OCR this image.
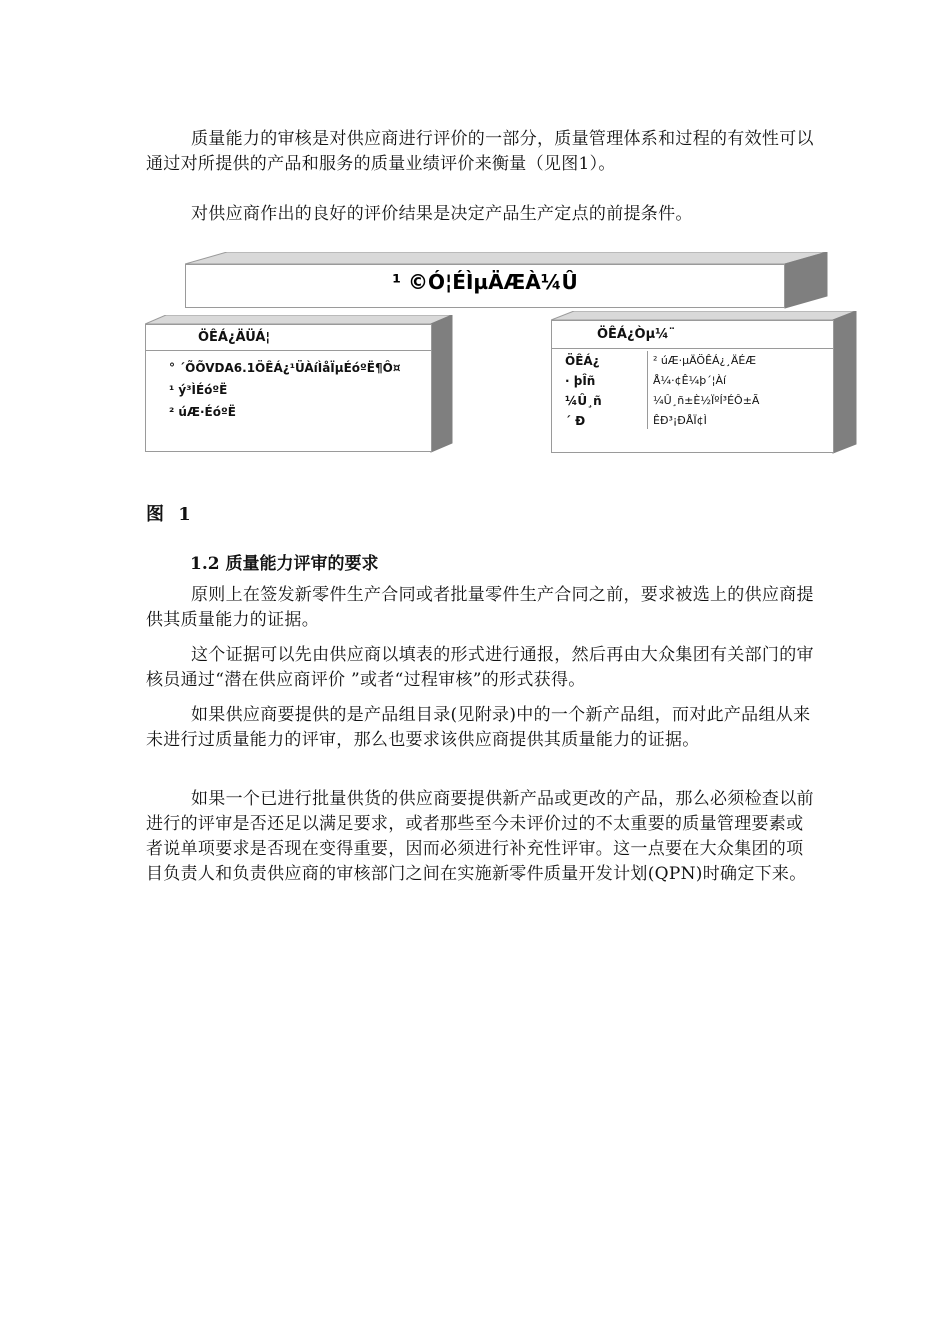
质量能力的审核是对供应商进行评价的一部分，质量管理体系和过程的有效性可以通过对所提供的产品和服务的质量业绩评价来衡量（见图1）。

对供应商作出的良好的评价结果是决定产品生产定点的前提条件。

¹ ©Ó¦ÉÌµÄÆÀ¼Û
ÖÊÁ¿ÄÜÁ¦
° ´ÕÕVDA6.1ÖÊÁ¿¹ÜÀíÌåÏµÉóºË¶Ô¤
¹ ý³ÌÉóºË
² úÆ·ÉóºË
ÖÊÁ¿Òµ¼¨
ÖÊÁ¿	² úÆ·µÄÖÊÁ¿¸ÄÉÆ
· þÎñ	Å¼·¢Ê¼þ´¦Àí
¼Û¸ñ	¼Û¸ñ±È½ÏºÍ³ÉÔ±Ã
´ Ð	ÊÐ³¡ÐÅÏ¢Ì
图 1
1.2 质量能力评审的要求

原则上在签发新零件生产合同或者批量零件生产合同之前，要求被选上的供应商提供其质量能力的证据。

这个证据可以先由供应商以填表的形式进行通报，然后再由大众集团有关部门的审核员通过“潜在供应商评价 ”或者“过程审核”的形式获得。

如果供应商要提供的是产品组目录(见附录)中的一个新产品组，而对此产品组从来未进行过质量能力的评审，那么也要求该供应商提供其质量能力的证据。

如果一个已进行批量供货的供应商要提供新产品或更改的产品，那么必须检查以前进行的评审是否还足以满足要求，或者那些至今未评价过的不太重要的质量管理要素或者说单项要求是否现在变得重要，因而必须进行补充性评审。这一点要在大众集团的项目负责人和负责供应商的审核部门之间在实施新零件质量开发计划(QPN)时确定下来。
